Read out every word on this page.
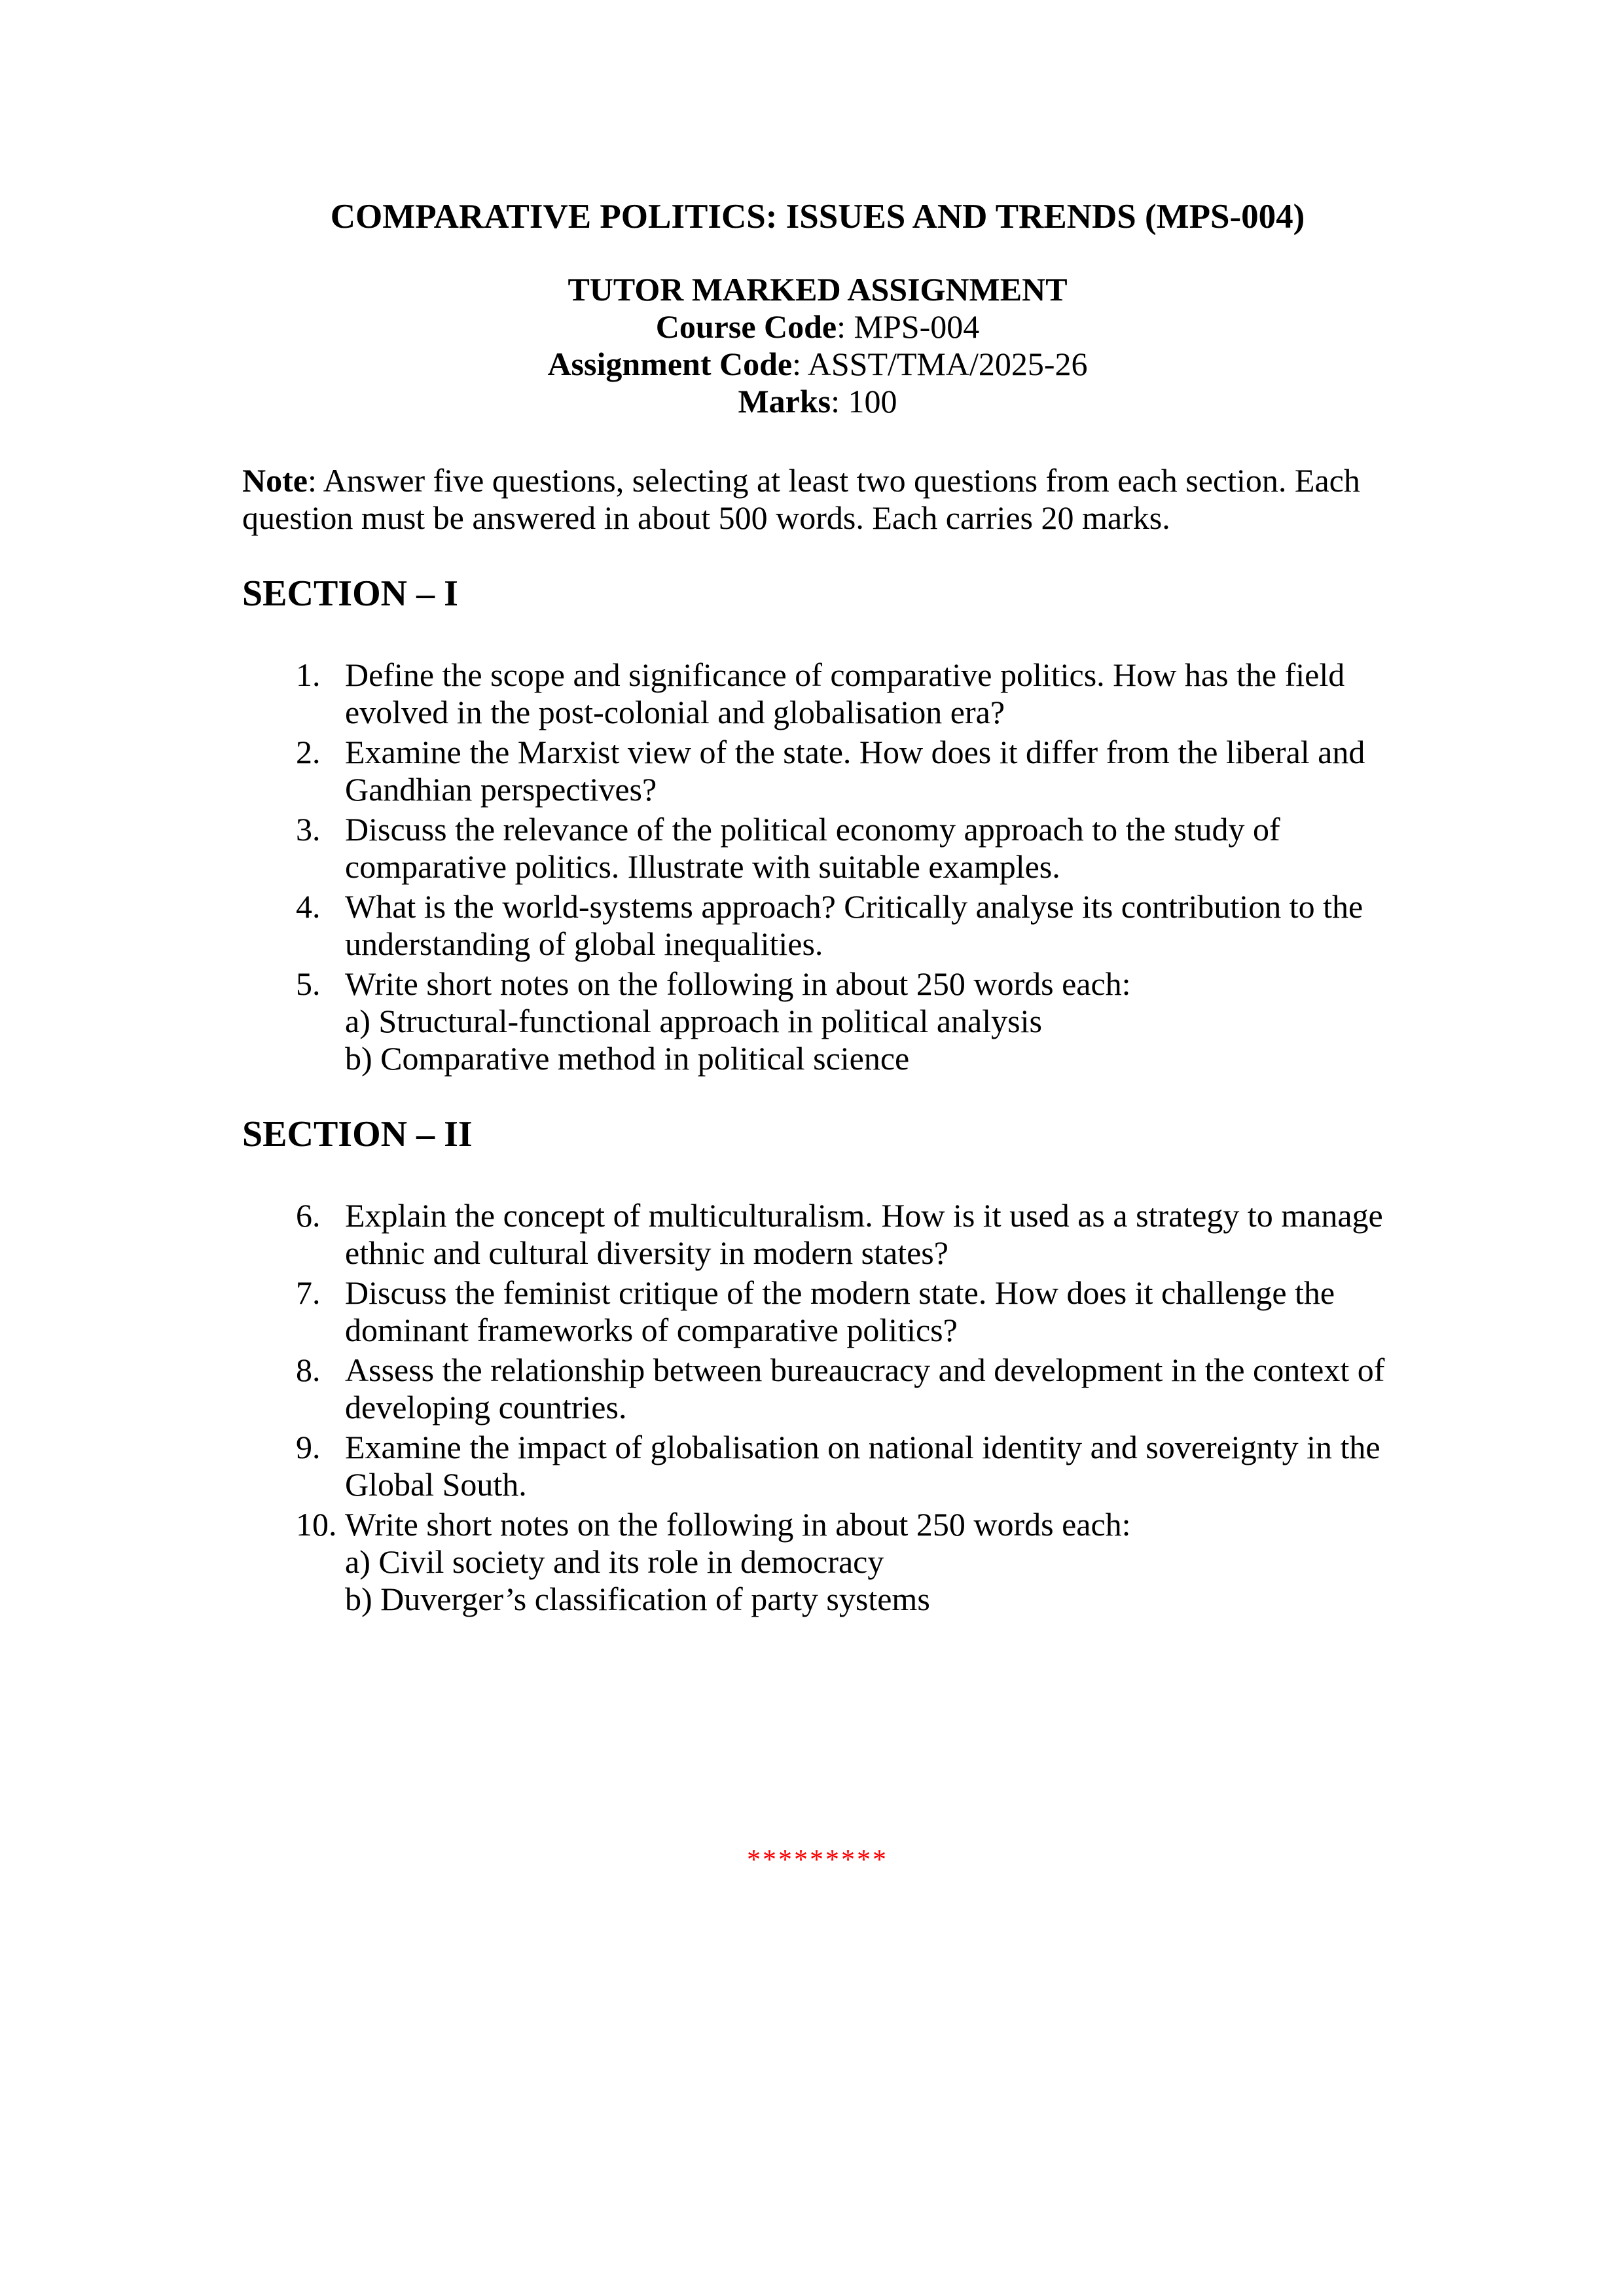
COMPARATIVE POLITICS: ISSUES AND TRENDS (MPS-004)

TUTOR MARKED ASSIGNMENT

Course Code: MPS-004

Assignment Code: ASST/TMA/2025-26

Marks: 100

Note: Answer five questions, selecting at least two questions from each section. Each question must be answered in about 500 words. Each carries 20 marks.

SECTION – I
1. Define the scope and significance of comparative politics. How has the field evolved in the post-colonial and globalisation era?
2. Examine the Marxist view of the state. How does it differ from the liberal and Gandhian perspectives?
3. Discuss the relevance of the political economy approach to the study of comparative politics. Illustrate with suitable examples.
4. What is the world-systems approach? Critically analyse its contribution to the understanding of global inequalities.
5. Write short notes on the following in about 250 words each:
a) Structural-functional approach in political analysis
b) Comparative method in political science
SECTION – II
6. Explain the concept of multiculturalism. How is it used as a strategy to manage ethnic and cultural diversity in modern states?
7. Discuss the feminist critique of the modern state. How does it challenge the dominant frameworks of comparative politics?
8. Assess the relationship between bureaucracy and development in the context of developing countries.
9. Examine the impact of globalisation on national identity and sovereignty in the Global South.
10. Write short notes on the following in about 250 words each:
a) Civil society and its role in democracy
b) Duverger’s classification of party systems
*********
